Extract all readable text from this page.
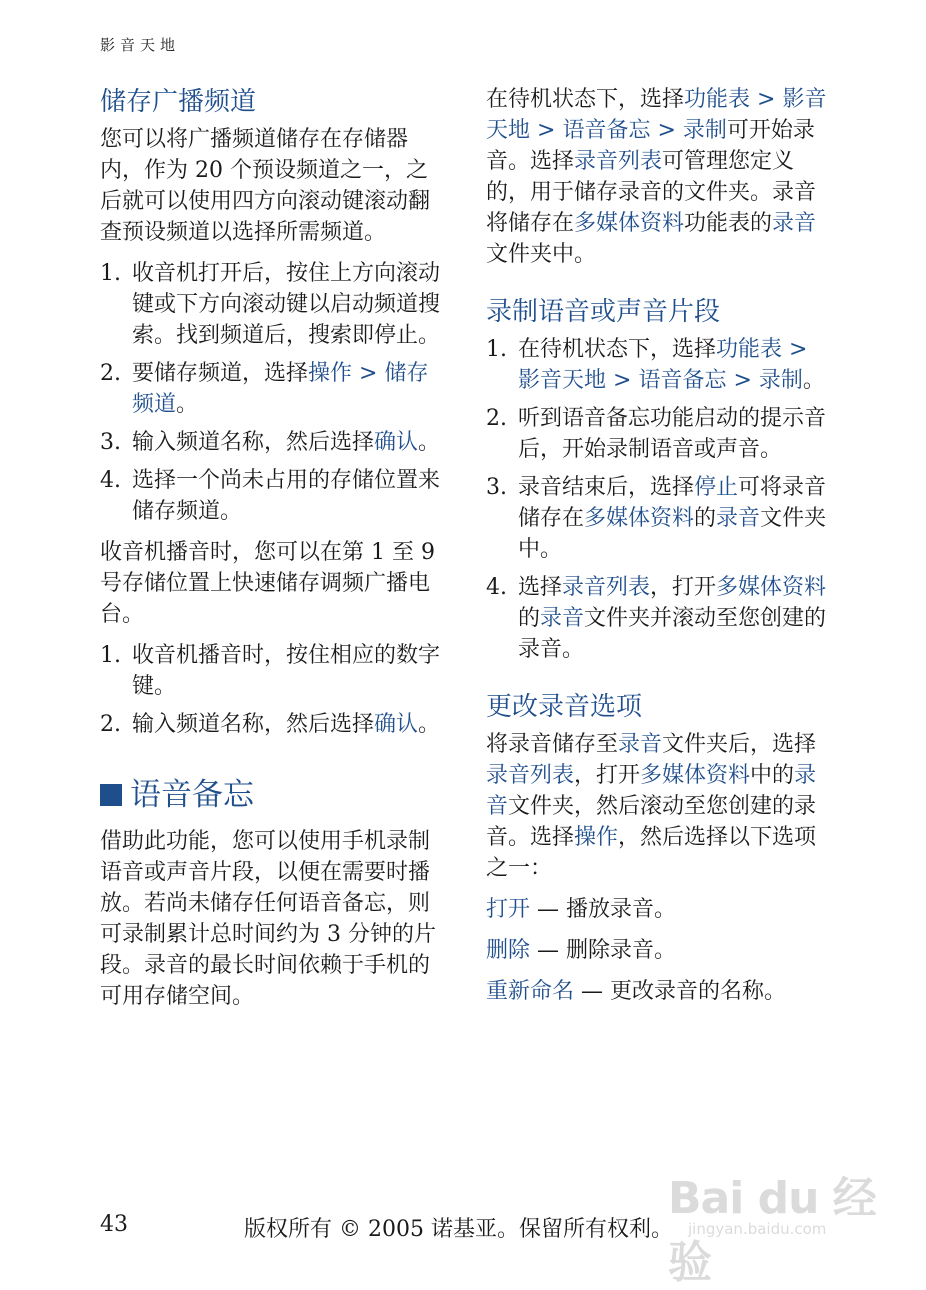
影音天地
储存广播频道

您可以将广播频道储存在存储器内，作为 20 个预设频道之一，之后就可以使用四方向滚动键滚动翻查预设频道以选择所需频道。

1. 收音机打开后，按住上方向滚动键或下方向滚动键以启动频道搜索。找到频道后，搜索即停止。
2. 要储存频道，选择操作 > 储存频道。
3. 输入频道名称，然后选择确认。
4. 选择一个尚未占用的存储位置来储存频道。

收音机播音时，您可以在第 1 至 9 号存储位置上快速储存调频广播电台。

1. 收音机播音时，按住相应的数字键。
2. 输入频道名称，然后选择确认。
语音备忘

借助此功能，您可以使用手机录制语音或声音片段，以便在需要时播放。若尚未储存任何语音备忘，则可录制累计总时间约为 3 分钟的片段。录音的最长时间依赖于手机的可用存储空间。

在待机状态下，选择功能表 > 影音天地 > 语音备忘 > 录制可开始录音。选择录音列表可管理您定义的，用于储存录音的文件夹。录音将储存在多媒体资料功能表的录音文件夹中。

录制语音或声音片段
1. 在待机状态下，选择功能表 > 影音天地 > 语音备忘 > 录制。
2. 听到语音备忘功能启动的提示音后，开始录制语音或声音。
3. 录音结束后，选择停止可将录音储存在多媒体资料的录音文件夹中。
4. 选择录音列表，打开多媒体资料的录音文件夹并滚动至您创建的录音。
更改录音选项

将录音储存至录音文件夹后，选择录音列表，打开多媒体资料中的录音文件夹，然后滚动至您创建的录音。选择操作，然后选择以下选项之一：

打开 — 播放录音。

删除 — 删除录音。

重新命名 — 更改录音的名称。

Bai du 经验
jingyan.baidu.com
43	版权所有 © 2005 诺基亚。保留所有权利。
